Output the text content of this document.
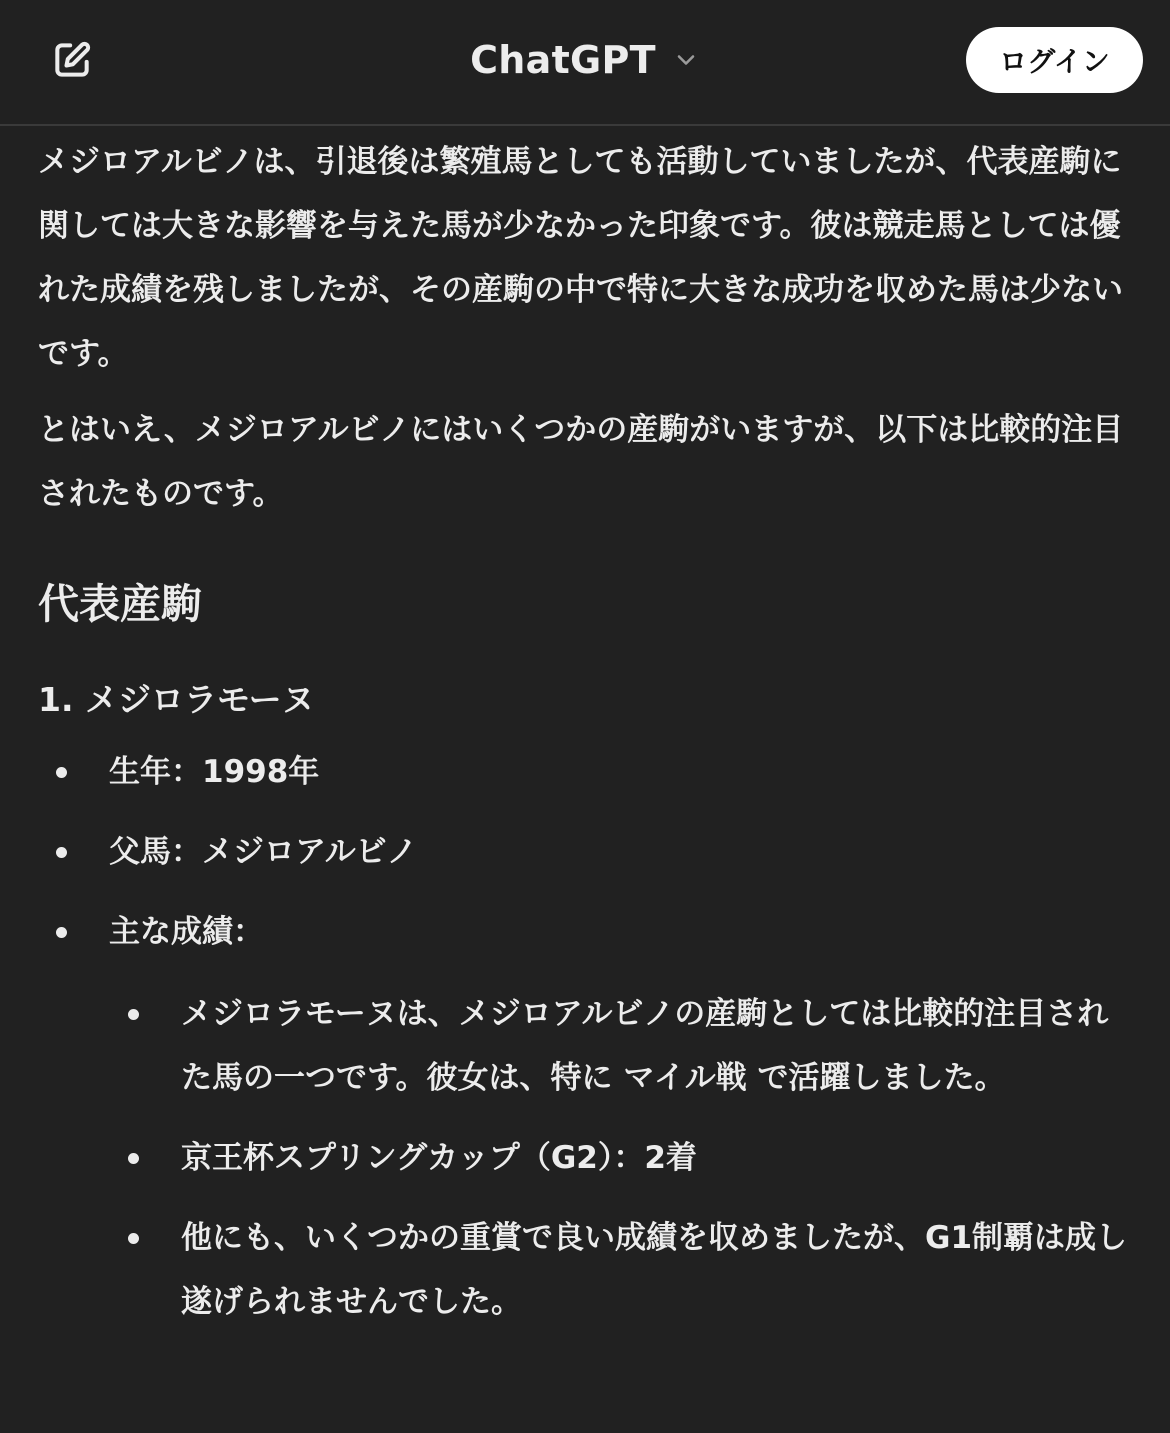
ChatGPT	ログイン

メジロアルビノは、引退後は繁殖馬としても活動していましたが、代表産駒に関しては大きな影響を与えた馬が少なかった印象です。彼は競走馬としては優れた成績を残しましたが、その産駒の中で特に大きな成功を収めた馬は少ないです。

とはいえ、メジロアルビノにはいくつかの産駒がいますが、以下は比較的注目されたものです。

代表産駒
1. メジロラモーヌ
生年：1998年
父馬：メジロアルビノ
主な成績：
メジロラモーヌは、メジロアルビノの産駒としては比較的注目された馬の一つです。彼女は、特に マイル戦 で活躍しました。
京王杯スプリングカップ（G2）：2着
他にも、いくつかの重賞で良い成績を収めましたが、G1制覇は成し遂げられませんでした。
